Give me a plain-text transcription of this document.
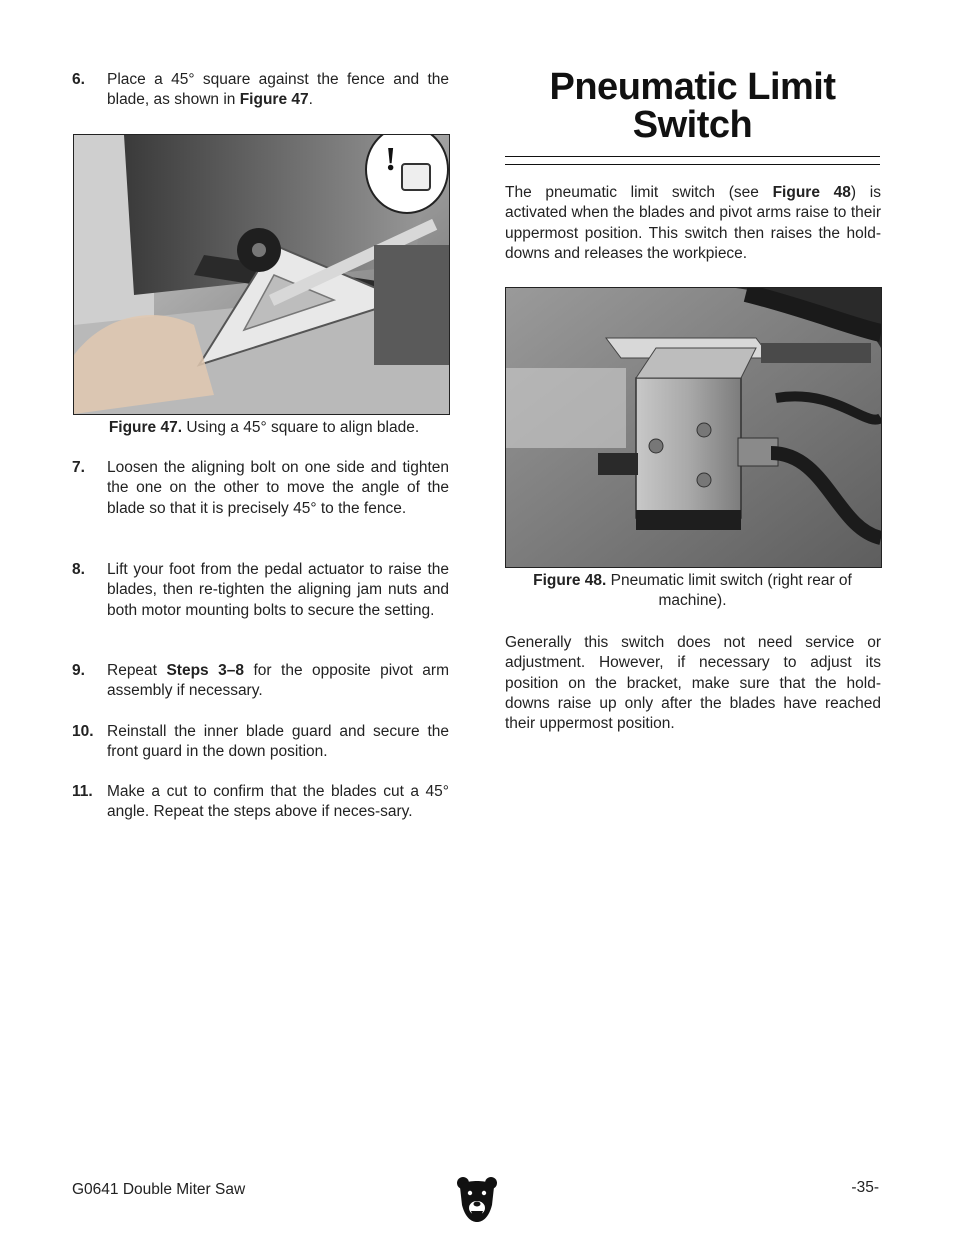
6. Place a 45° square against the fence and the blade, as shown in Figure 47.
!
Figure 47. Using a 45° square to align blade.
7. Loosen the aligning bolt on one side and tighten the one on the other to move the angle of the blade so that it is precisely 45° to the fence.
8. Lift your foot from the pedal actuator to raise the blades, then re-tighten the aligning jam nuts and both motor mounting bolts to secure the setting.
9. Repeat Steps 3–8 for the opposite pivot arm assembly if necessary.
10. Reinstall the inner blade guard and secure the front guard in the down position.
11. Make a cut to confirm that the blades cut a 45° angle. Repeat the steps above if neces-sary.
Pneumatic Limit
Switch
The pneumatic limit switch (see Figure 48) is activated when the blades and pivot arms raise to their uppermost position. This switch then raises the hold-downs and releases the workpiece.
Figure 48. Pneumatic limit switch (right rear of
machine).
Generally this switch does not need service or adjustment. However, if necessary to adjust its position on the bracket, make sure that the hold-downs raise up only after the blades have reached their uppermost position.
G0641 Double Miter Saw	-35-
